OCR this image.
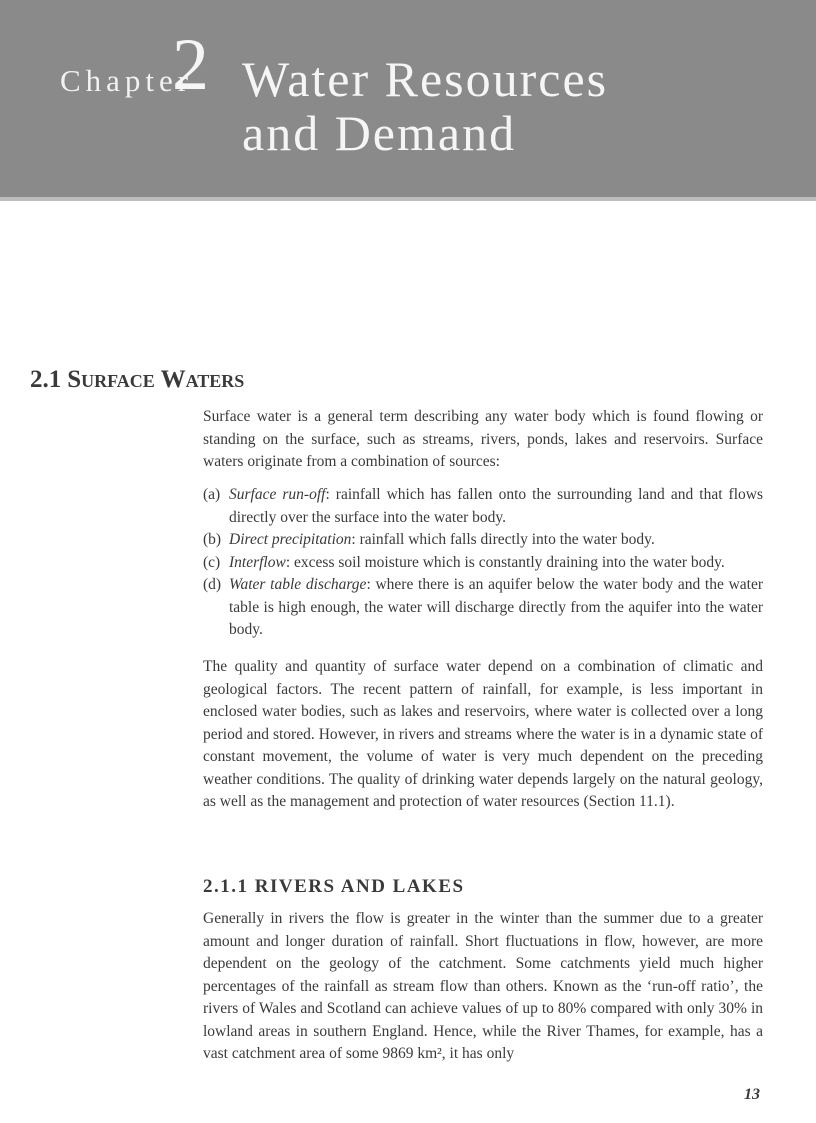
Chapter
2 Water Resources
and Demand
2.1 Surface Waters
Surface water is a general term describing any water body which is found flowing or standing on the surface, such as streams, rivers, ponds, lakes and reservoirs. Surface waters originate from a combination of sources:
(a) Surface run-off: rainfall which has fallen onto the surrounding land and that flows directly over the surface into the water body.
(b) Direct precipitation: rainfall which falls directly into the water body.
(c) Interflow: excess soil moisture which is constantly draining into the water body.
(d) Water table discharge: where there is an aquifer below the water body and the water table is high enough, the water will discharge directly from the aquifer into the water body.
The quality and quantity of surface water depend on a combination of climatic and geological factors. The recent pattern of rainfall, for example, is less important in enclosed water bodies, such as lakes and reservoirs, where water is collected over a long period and stored. However, in rivers and streams where the water is in a dynamic state of constant movement, the volume of water is very much dependent on the preceding weather conditions. The quality of drinking water depends largely on the natural geology, as well as the management and protection of water resources (Section 11.1).
2.1.1 RIVERS AND LAKES
Generally in rivers the flow is greater in the winter than the summer due to a greater amount and longer duration of rainfall. Short fluctuations in flow, however, are more dependent on the geology of the catchment. Some catchments yield much higher percentages of the rainfall as stream flow than others. Known as the ‘run-off ratio’, the rivers of Wales and Scotland can achieve values of up to 80% compared with only 30% in lowland areas in southern England. Hence, while the River Thames, for example, has a vast catchment area of some 9869 km², it has only
13
